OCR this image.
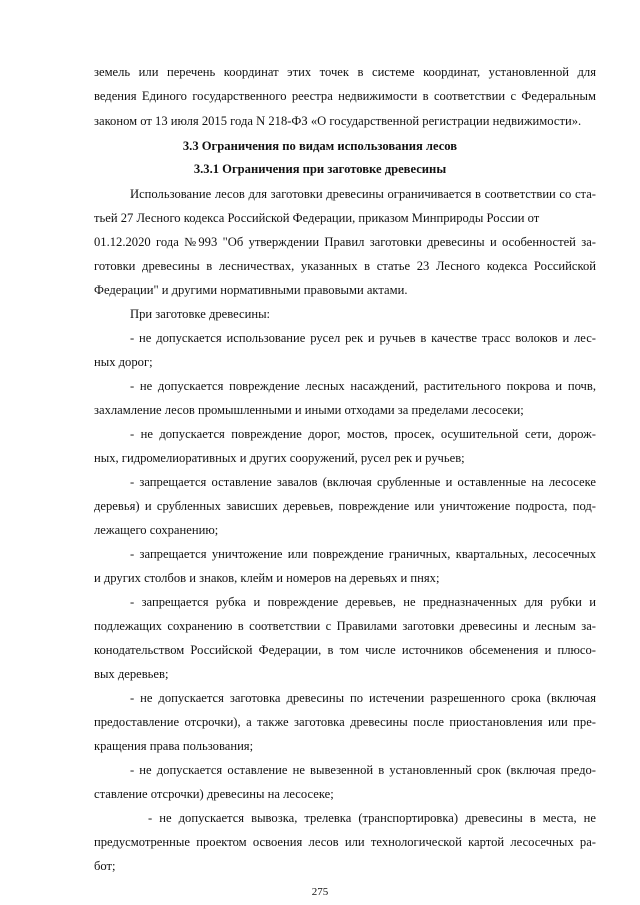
земель или перечень координат этих точек в системе координат, установленной для
ведения Единого государственного реестра недвижимости в соответствии с Федеральным
законом от 13 июля 2015 года N 218-ФЗ «О государственной регистрации недвижимости».
3.3 Ограничения по видам использования лесов
3.3.1 Ограничения при заготовке древесины
Использование лесов для заготовки древесины ограничивается в соответствии со ста-
тьей 27 Лесного кодекса Российской Федерации, приказом Минприроды России от
01.12.2020 года №993 "Об утверждении Правил заготовки древесины и особенностей за-
готовки древесины в лесничествах, указанных в статье 23 Лесного кодекса Российской
Федерации" и другими нормативными правовыми актами.
При заготовке древесины:
- не допускается использование русел рек и ручьев в качестве трасс волоков и лес-
ных дорог;
- не допускается повреждение лесных насаждений, растительного покрова и почв,
захламление лесов промышленными и иными отходами за пределами лесосеки;
- не допускается повреждение дорог, мостов, просек, осушительной сети, дорож-
ных, гидромелиоративных и других сооружений, русел рек и ручьев;
- запрещается оставление завалов (включая срубленные и оставленные на лесосеке
деревья) и срубленных зависших деревьев, повреждение или уничтожение подроста, под-
лежащего сохранению;
- запрещается уничтожение или повреждение граничных, квартальных, лесосечных
и других столбов и знаков, клейм и номеров на деревьях и пнях;
- запрещается рубка и повреждение деревьев, не предназначенных для рубки и
подлежащих сохранению в соответствии с Правилами заготовки древесины и лесным за-
конодательством Российской Федерации, в том числе источников обсеменения и плюсо-
вых деревьев;
- не допускается заготовка древесины по истечении разрешенного срока (включая
предоставление отсрочки), а также заготовка древесины после приостановления или пре-
кращения права пользования;
- не допускается оставление не вывезенной в установленный срок (включая предо-
ставление отсрочки) древесины на лесосеке;
- не допускается вывозка, трелевка (транспортировка) древесины в места, не
предусмотренные проектом освоения лесов или технологической картой лесосечных ра-
бот;
275
